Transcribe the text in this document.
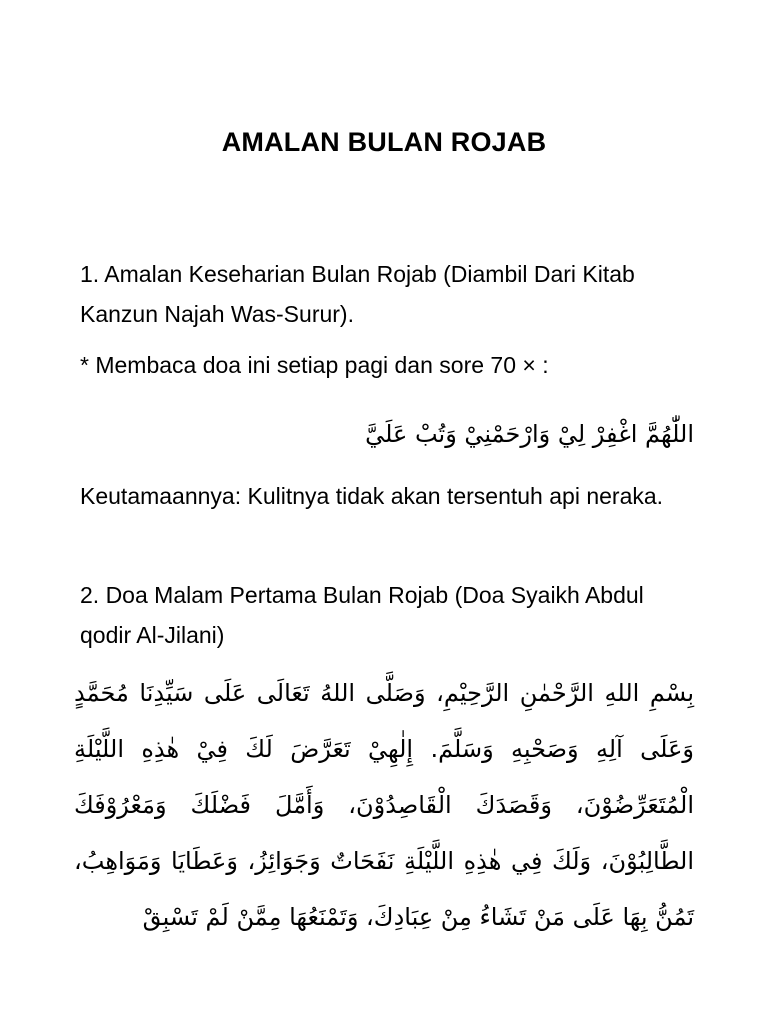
AMALAN BULAN ROJAB
1. Amalan Keseharian Bulan Rojab (Diambil Dari Kitab Kanzun Najah Was-Surur).
* Membaca doa ini setiap pagi dan sore 70 × :
اللّٰهُمَّ اغْفِرْ لِيْ وَارْحَمْنِيْ وَتُبْ عَلَيَّ
Keutamaannya: Kulitnya tidak akan tersentuh api neraka.
2. Doa Malam Pertama Bulan Rojab (Doa Syaikh Abdul qodir Al-Jilani)
بِسْمِ اللهِ الرَّحْمٰنِ الرَّحِيْمِ، وَصَلَّى اللهُ تَعَالَى عَلَى سَيِّدِنَا مُحَمَّدٍ وَعَلَى آلِهِ وَصَحْبِهِ وَسَلَّمَ. إِلٰهِيْ تَعَرَّضَ لَكَ فِيْ هٰذِهِ اللَّيْلَةِ الْمُتَعَرِّضُوْنَ، وَقَصَدَكَ الْقَاصِدُوْنَ، وَأَمَّلَ فَضْلَكَ وَمَعْرُوْفَكَ الطَّالِبُوْنَ، وَلَكَ فِي هٰذِهِ اللَّيْلَةِ نَفَحَاتٌ وَجَوَائِزُ، وَعَطَايَا وَمَوَاهِبُ، تَمُنُّ بِهَا عَلَى مَنْ تَشَاءُ مِنْ عِبَادِكَ، وَتَمْنَعُهَا مِمَّنْ لَمْ تَسْبِقْ
